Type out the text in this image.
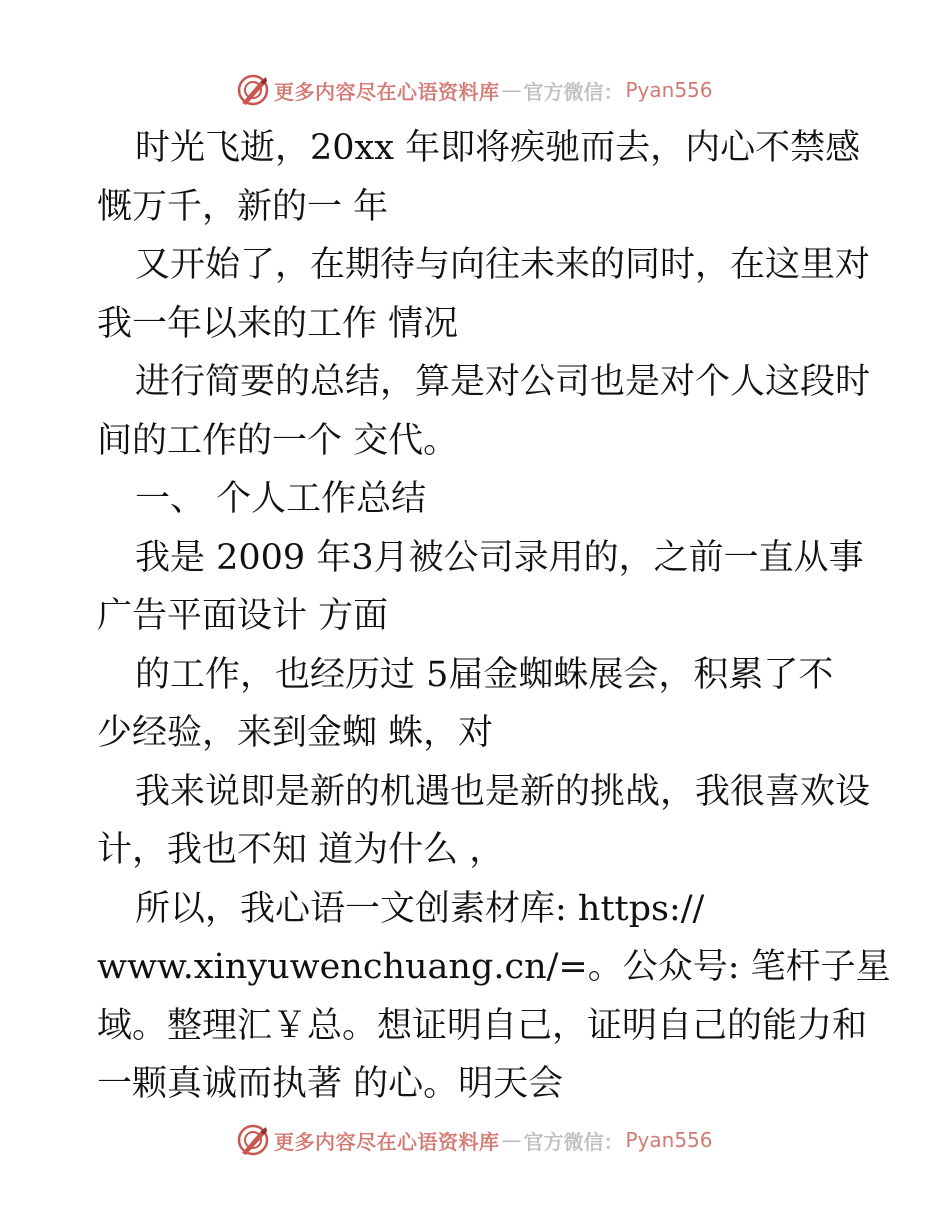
更多内容尽在心语资料库 — 官方微信： Pyan556
时光飞逝，20xx 年即将疾驰而去，内心不禁感
慨万千，新的一 年
又开始了，在期待与向往未来的同时，在这里对
我一年以来的工作 情况
进行简要的总结，算是对公司也是对个人这段时
间的工作的一个 交代。
一、 个人工作总结
我是 2009 年3月被公司录用的，之前一直从事
广告平面设计 方面
的工作，也经历过 5届金蜘蛛展会，积累了不
少经验，来到金蜘 蛛，对
我来说即是新的机遇也是新的挑战，我很喜欢设
计，我也不知 道为什么 ，
所以，我心语一文创素材库: https://
www.xinyuwenchuang.cn/=。公众号: 笔杆子星
域。整理汇￥总。想证明自己，证明自己的能力和
一颗真诚而执著 的心。明天会
更多内容尽在心语资料库 — 官方微信： Pyan556
